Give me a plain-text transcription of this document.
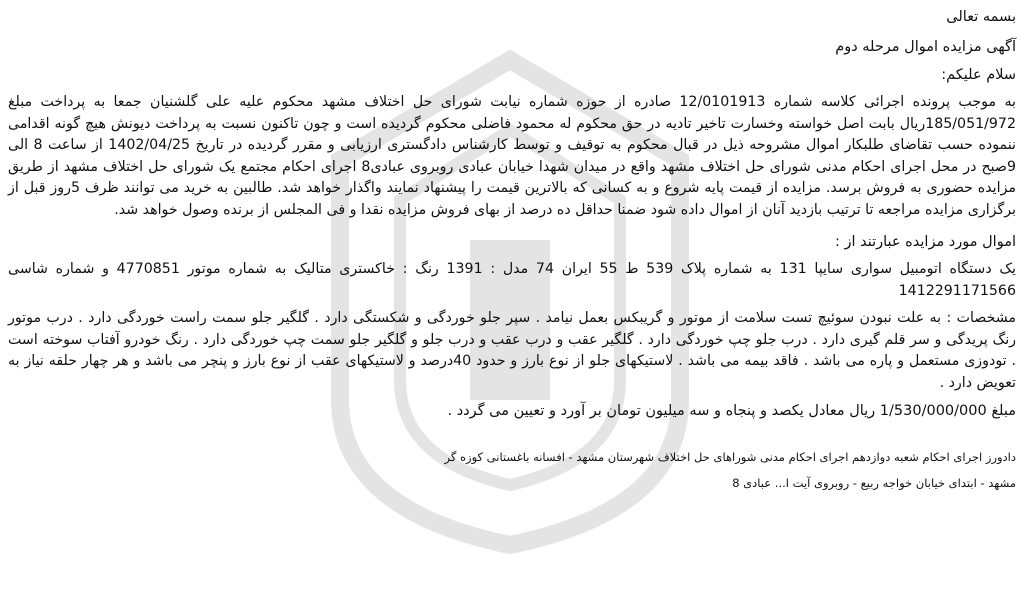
بسمه تعالی
آگهی مزایده اموال مرحله دوم
سلام علیکم:
به موجب پرونده اجرائی کلاسه شماره 12/0101913 صادره از حوزه شماره نیابت شورای حل اختلاف مشهد محکوم علیه علی گلشنیان جمعا به پرداخت مبلغ 185/051/972ریال بابت اصل خواسته وخسارت تاخیر تادیه در حق محکوم له محمود فاضلی محکوم گردیده است و چون تاکنون نسبت به پرداخت دیونش هیچ گونه اقدامی ننموده حسب تقاضای طلبکار اموال مشروحه ذیل در قبال محکوم به توقیف و توسط کارشناس دادگستری ارزیابی و مقرر گردیده در تاریخ 1402/04/25 از ساعت 8 الی 9صبح در محل اجرای احکام مدنی شورای حل اختلاف مشهد واقع در میدان شهدا خیابان عبادی روبروی عبادی8 اجرای احکام مجتمع یک شورای حل اختلاف مشهد از طریق مزایده حضوری به فروش برسد. مزایده از قیمت پایه شروع و به کسانی که بالاترین قیمت را پیشنهاد نمایند واگذار خواهد شد. طالبین به خرید می توانند ظرف 5روز قبل از برگزاری مزایده مراجعه تا ترتیب بازدید آنان از اموال داده شود ضمنا حداقل ده درصد از بهای فروش مزایده نقدا و فی المجلس از برنده وصول خواهد شد.
اموال مورد مزایده عبارتند از :
یک دستگاه اتومبیل سواری سایپا 131 به شماره پلاک 539 ط 55 ایران 74 مدل : 1391 رنگ : خاکستری متالیک به شماره موتور 4770851 و شماره شاسی 1412291171566
مشخصات : به علت نبودن سوئیچ تست سلامت از موتور و گریبکس بعمل نیامد . سپر جلو خوردگی و شکستگی دارد . گلگیر جلو سمت راست خوردگی دارد . درب موتور رنگ پریدگی و سر قلم گیری دارد . درب جلو چپ خوردگی دارد . گلگیر عقب و درب عقب و درب جلو و گلگیر جلو سمت چپ خوردگی دارد . رنگ خودرو آفتاب سوخته است . تودوزی مستعمل و پاره می باشد . فاقد بیمه می باشد . لاستیکهای جلو از نوع بارز و حدود 40درصد و لاستیکهای عقب از نوع بارز و پنچر می باشد و هر چهار حلقه نیاز به تعویض دارد .
مبلغ 1/530/000/000 ریال معادل یکصد و پنجاه و سه میلیون تومان بر آورد و تعیین می گردد .
دادورز اجرای احکام شعبه دوازدهم اجرای احکام مدنی شوراهای حل اختلاف شهرستان مشهد - افسانه باغستانی کوزه گر
مشهد - ابتدای خیابان خواجه ربیع - روبروی آیت ا... عبادی 8
